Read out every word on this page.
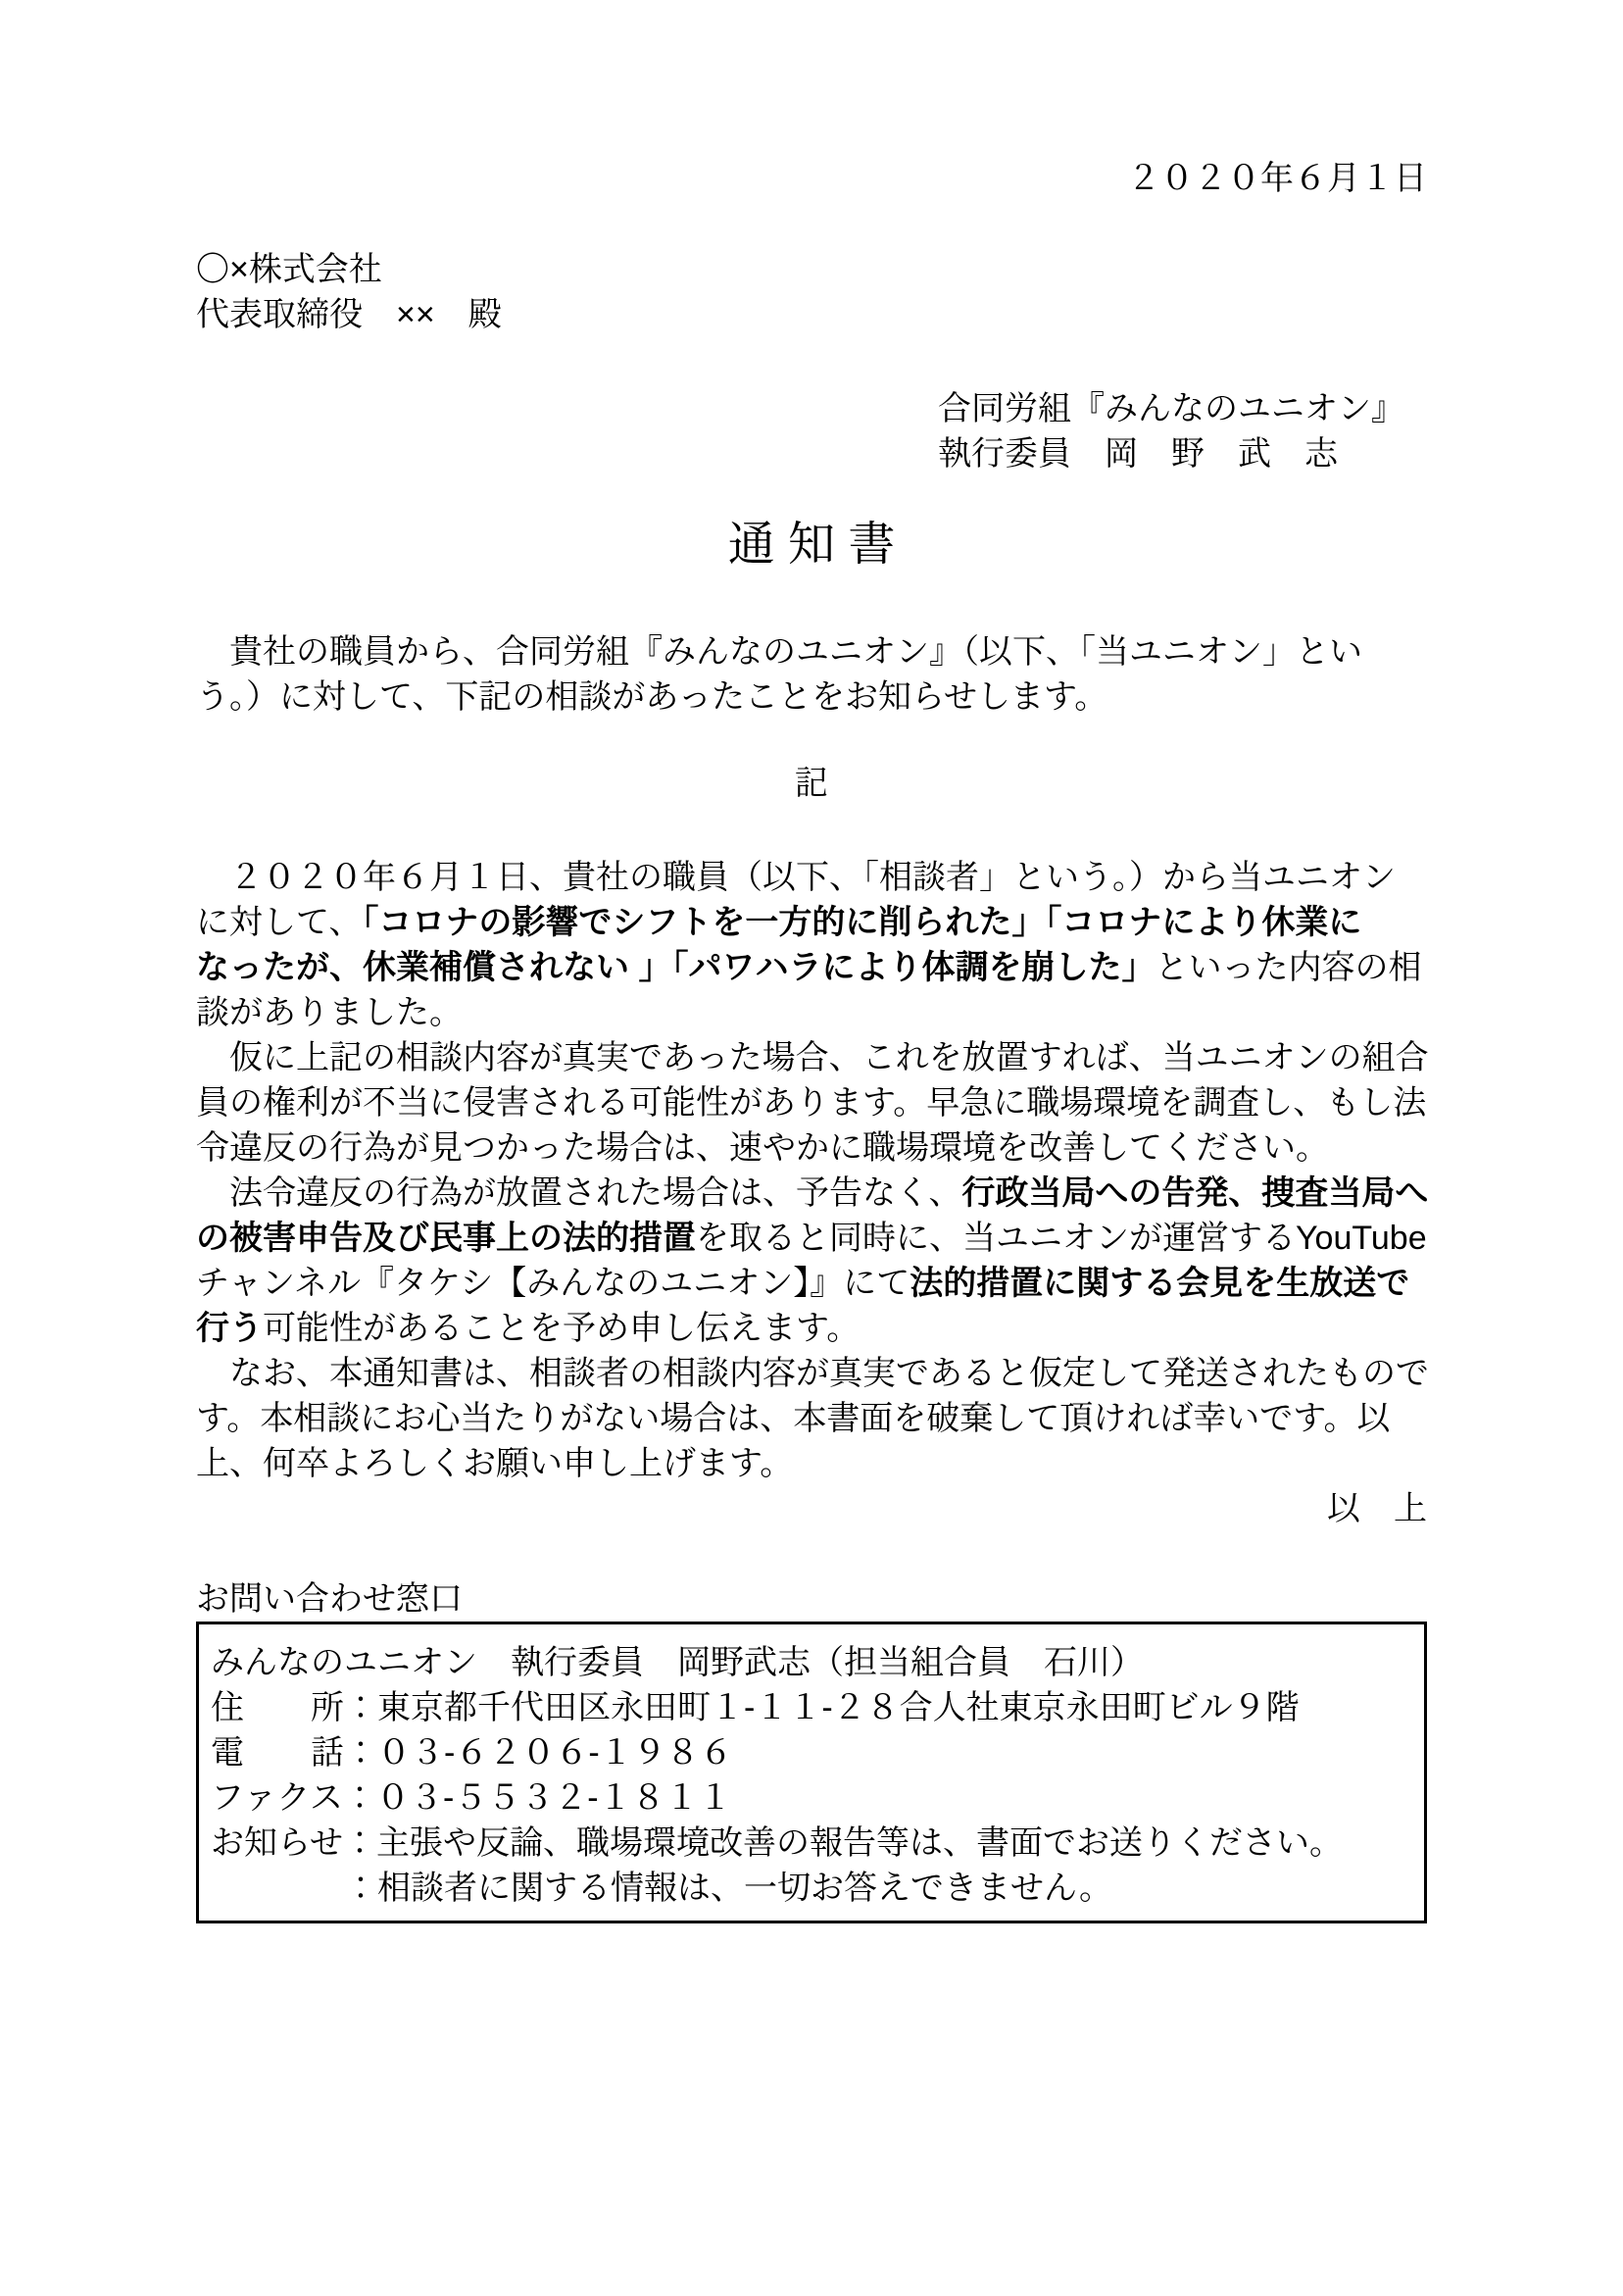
２０２０年６月１日
〇×株式会社
代表取締役　××　殿
合同労組『みんなのユニオン』
執行委員　岡　野　武　志
通 知 書
　貴社の職員から、合同労組『みんなのユニオン』（以下、「当ユニオン」とい
う。）に対して、下記の相談があったことをお知らせします。
記
　２０２０年６月１日、貴社の職員（以下、「相談者」という。）から当ユニオン
に対して、「コロナの影響でシフトを一方的に削られた」「コロナにより休業に
なったが、休業補償されない 」「パワハラにより体調を崩した」といった内容の相
談がありました。
　仮に上記の相談内容が真実であった場合、これを放置すれば、当ユニオンの組合
員の権利が不当に侵害される可能性があります。早急に職場環境を調査し、もし法
令違反の行為が見つかった場合は、速やかに職場環境を改善してください。
　法令違反の行為が放置された場合は、予告なく、行政当局への告発、捜査当局へ
の被害申告及び民事上の法的措置を取ると同時に、当ユニオンが運営するYouTube
チャンネル『タケシ【みんなのユニオン】』にて法的措置に関する会見を生放送で
行う可能性があることを予め申し伝えます。
　なお、本通知書は、相談者の相談内容が真実であると仮定して発送されたもので
す。本相談にお心当たりがない場合は、本書面を破棄して頂ければ幸いです。以
上、何卒よろしくお願い申し上げます。
以　上
お問い合わせ窓口
みんなのユニオン　執行委員　岡野武志（担当組合員　石川）
住　　所：東京都千代田区永田町１-１１-２８合人社東京永田町ビル９階
電　　話：０３-６２０６-１９８６
ファクス：０３-５５３２-１８１１
お知らせ：主張や反論、職場環境改善の報告等は、書面でお送りください。
　　　　：相談者に関する情報は、一切お答えできません。
